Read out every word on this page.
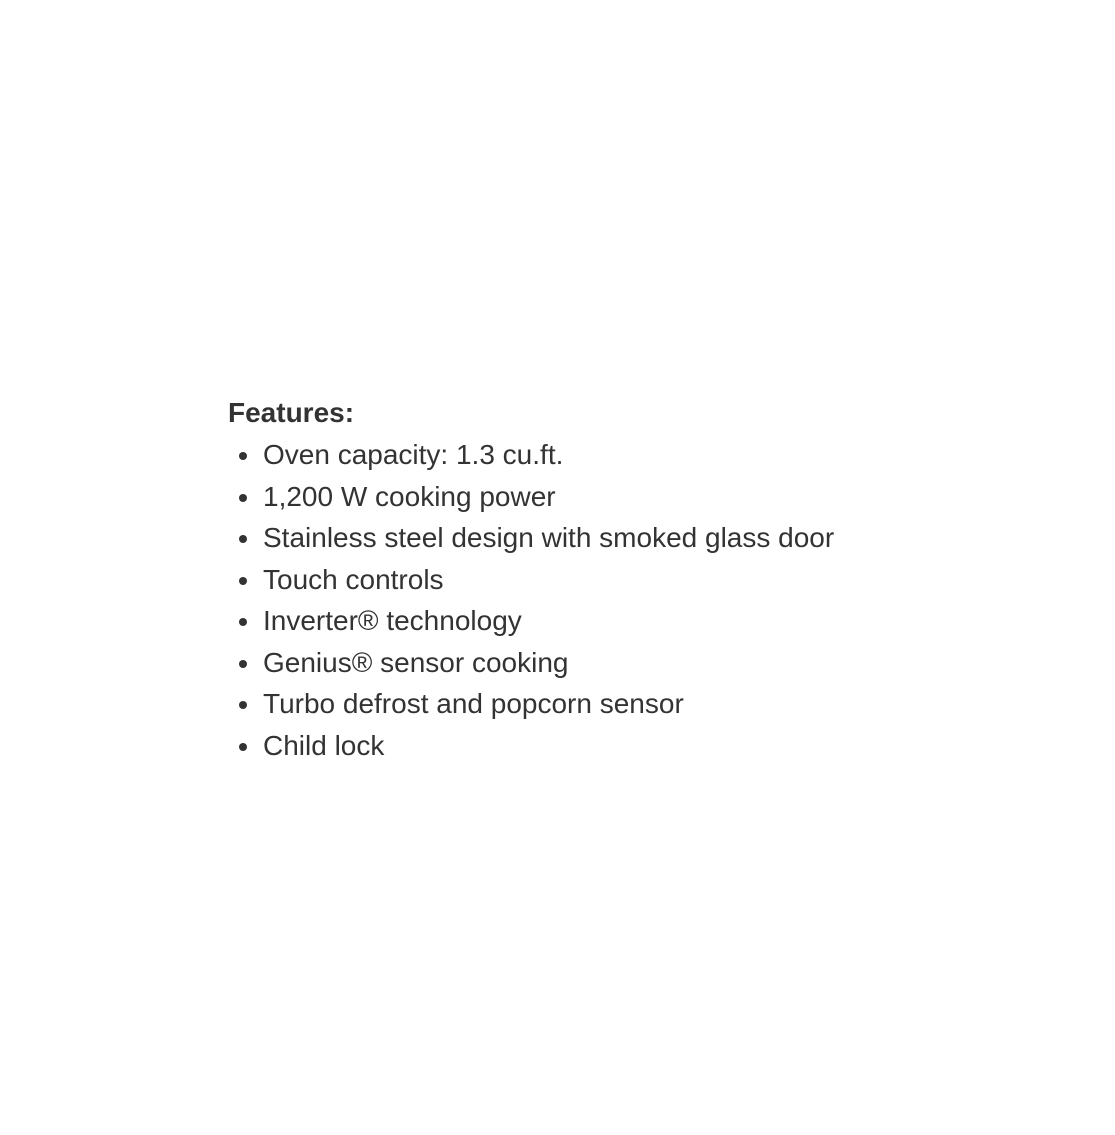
Features:
Oven capacity: 1.3 cu.ft.
1,200 W cooking power
Stainless steel design with smoked glass door
Touch controls
Inverter® technology
Genius® sensor cooking
Turbo defrost and popcorn sensor
Child lock
